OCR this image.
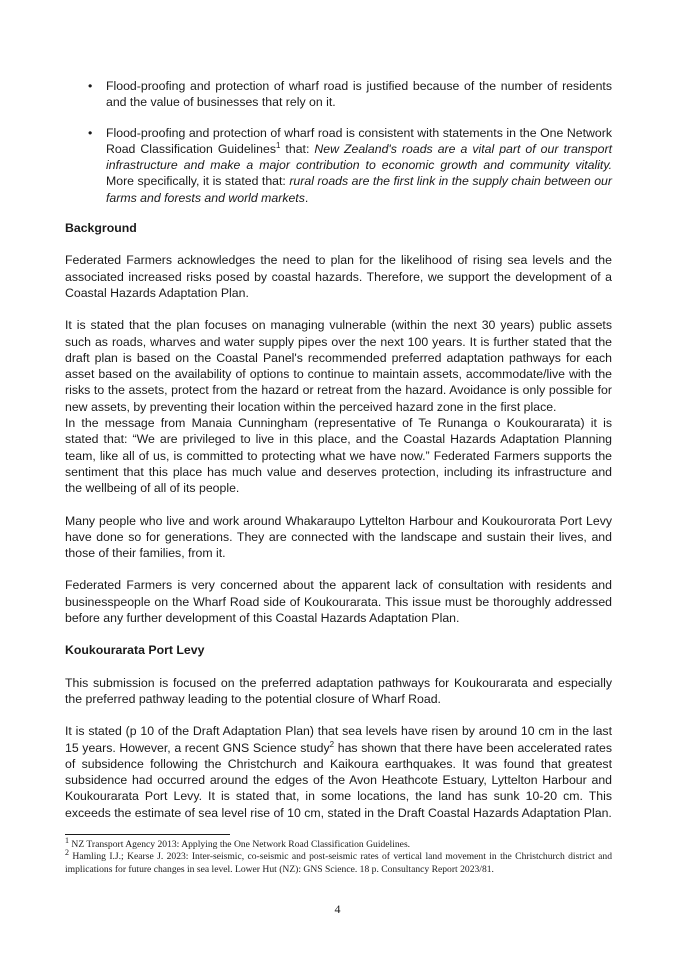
• Flood-proofing and protection of wharf road is justified because of the number of residents and the value of businesses that rely on it.
• Flood-proofing and protection of wharf road is consistent with statements in the One Network Road Classification Guidelines$^1$ that: New Zealand's roads are a vital part of our transport infrastructure and make a major contribution to economic growth and community vitality. More specifically, it is stated that: rural roads are the first link in the supply chain between our farms and forests and world markets.
Background

Federated Farmers acknowledges the need to plan for the likelihood of rising sea levels and the associated increased risks posed by coastal hazards. Therefore, we support the development of a Coastal Hazards Adaptation Plan.

It is stated that the plan focuses on managing vulnerable (within the next 30 years) public assets such as roads, wharves and water supply pipes over the next 100 years. It is further stated that the draft plan is based on the Coastal Panel's recommended preferred adaptation pathways for each asset based on the availability of options to continue to maintain assets, accommodate/live with the risks to the assets, protect from the hazard or retreat from the hazard. Avoidance is only possible for new assets, by preventing their location within the perceived hazard zone in the first place.

In the message from Manaia Cunningham (representative of Te Runanga o Koukourarata) it is stated that: “We are privileged to live in this place, and the Coastal Hazards Adaptation Planning team, like all of us, is committed to protecting what we have now.” Federated Farmers supports the sentiment that this place has much value and deserves protection, including its infrastructure and the wellbeing of all of its people.

Many people who live and work around Whakaraupo Lyttelton Harbour and Koukourorata Port Levy have done so for generations. They are connected with the landscape and sustain their lives, and those of their families, from it.

Federated Farmers is very concerned about the apparent lack of consultation with residents and businesspeople on the Wharf Road side of Koukourarata. This issue must be thoroughly addressed before any further development of this Coastal Hazards Adaptation Plan.

Koukourarata Port Levy

This submission is focused on the preferred adaptation pathways for Koukourarata and especially the preferred pathway leading to the potential closure of Wharf Road.

It is stated (p 10 of the Draft Adaptation Plan) that sea levels have risen by around 10 cm in the last 15 years. However, a recent GNS Science study$^2$ has shown that there have been accelerated rates of subsidence following the Christchurch and Kaikoura earthquakes. It was found that greatest subsidence had occurred around the edges of the Avon Heathcote Estuary, Lyttelton Harbour and Koukourarata Port Levy. It is stated that, in some locations, the land has sunk 10-20 cm. This exceeds the estimate of sea level rise of 10 cm, stated in the Draft Coastal Hazards Adaptation Plan.

$^1$ NZ Transport Agency 2013: Applying the One Network Road Classification Guidelines.

$^2$ Hamling I.J.; Kearse J. 2023: Inter-seismic, co-seismic and post-seismic rates of vertical land movement in the Christchurch district and implications for future changes in sea level. Lower Hut (NZ): GNS Science. 18 p. Consultancy Report 2023/81.

4
